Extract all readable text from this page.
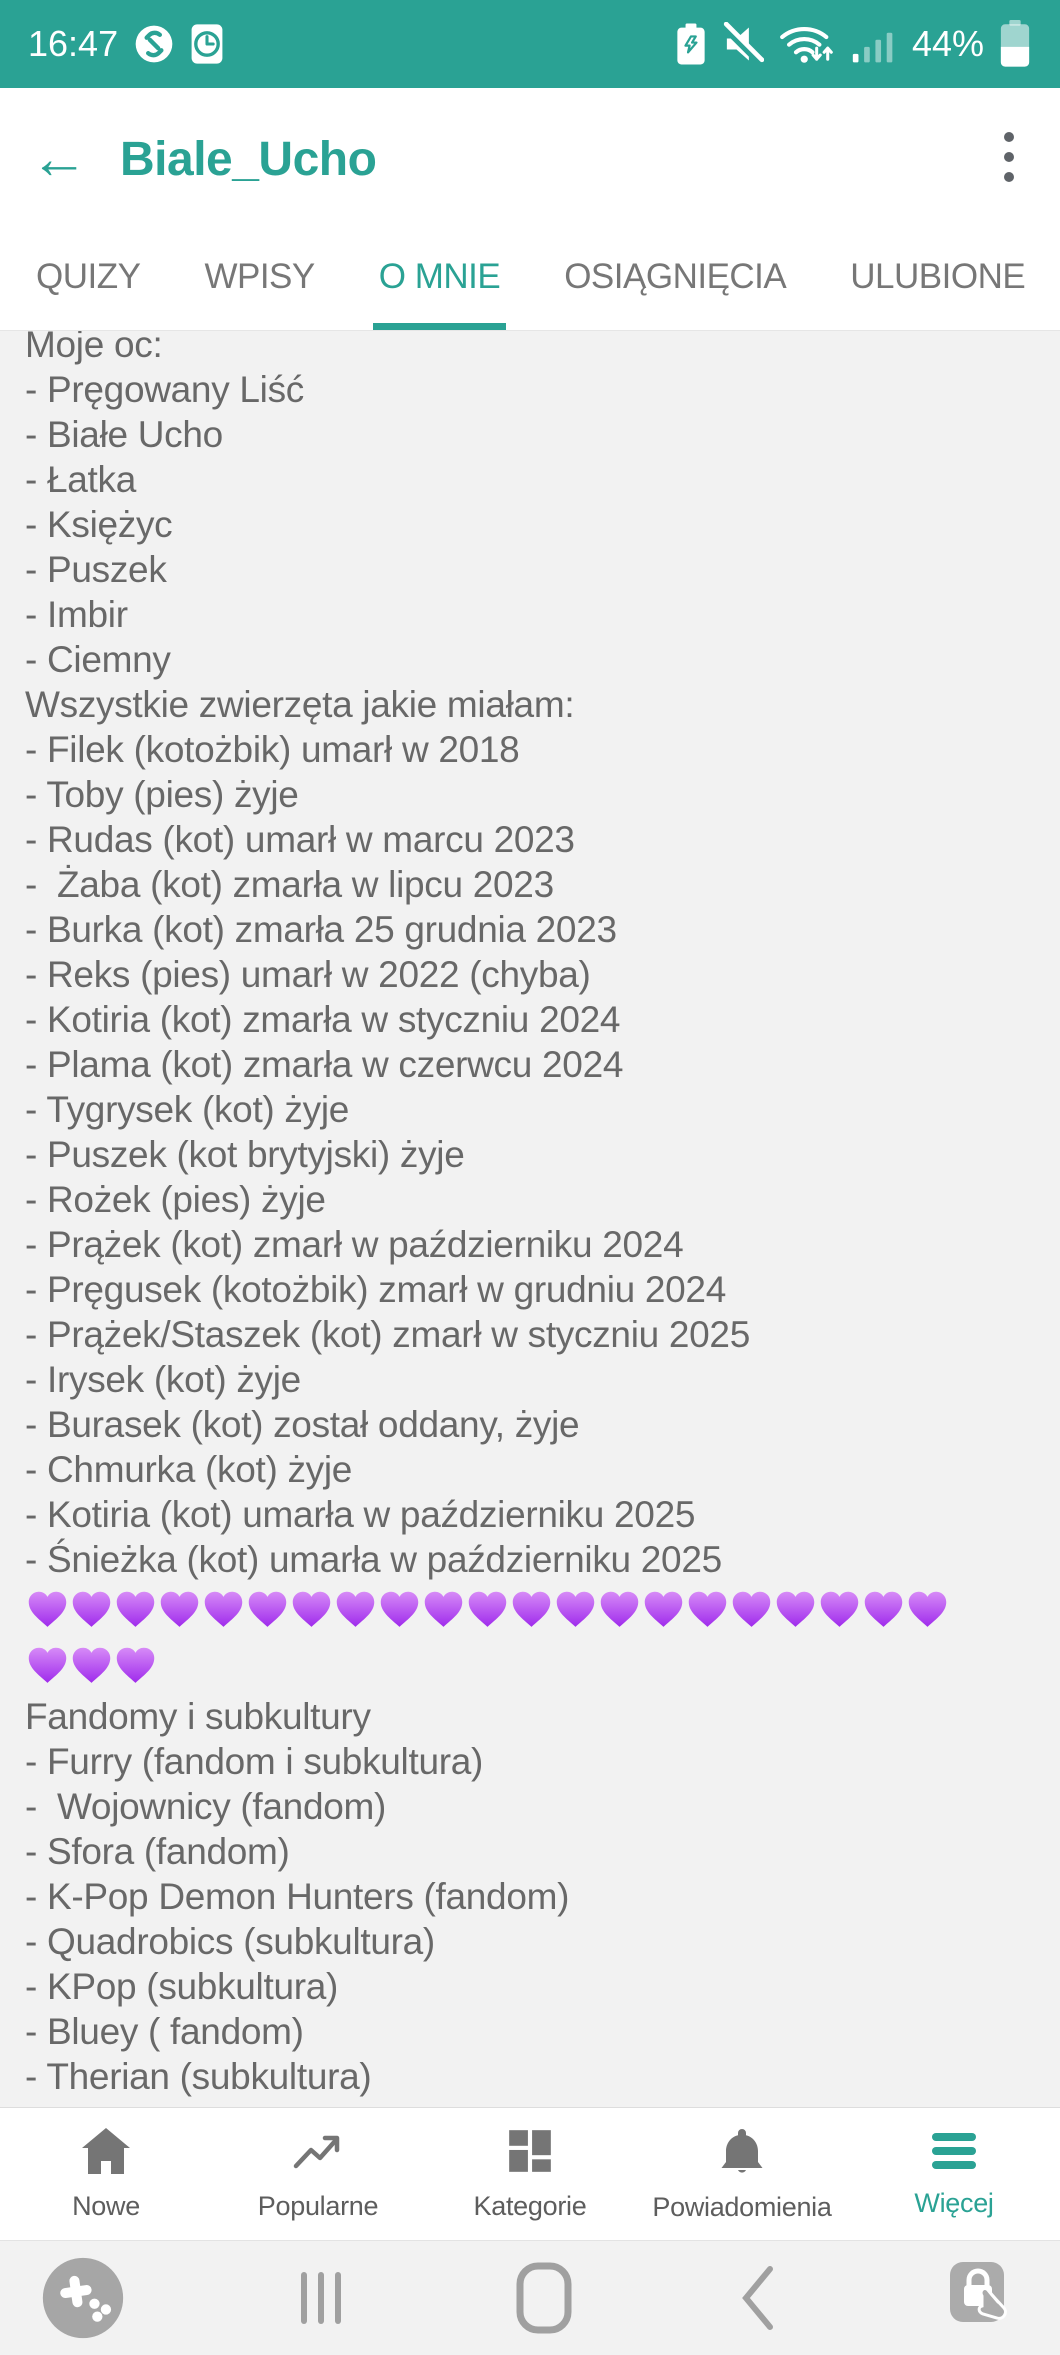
16:47	44%
← Biale_Ucho
QUIZY WPISY O MNIE OSIĄGNIĘCIA ULUBIONE
Moje oc:
- Pręgowany Liść
- Białe Ucho
- Łatka
- Księżyc
- Puszek
- Imbir
- Ciemny
Wszystkie zwierzęta jakie miałam:
- Filek (kotożbik) umarł w 2018
- Toby (pies) żyje
- Rudas (kot) umarł w marcu 2023
-  Żaba (kot) zmarła w lipcu 2023
- Burka (kot) zmarła 25 grudnia 2023
- Reks (pies) umarł w 2022 (chyba)
- Kotiria (kot) zmarła w styczniu 2024
- Plama (kot) zmarła w czerwcu 2024
- Tygrysek (kot) żyje
- Puszek (kot brytyjski) żyje
- Rożek (pies) żyje
- Prążek (kot) zmarł w październiku 2024
- Pręgusek (kotożbik) zmarł w grudniu 2024
- Prążek/Staszek (kot) zmarł w styczniu 2025
- Irysek (kot) żyje
- Burasek (kot) został oddany, żyje
- Chmurka (kot) żyje
- Kotiria (kot) umarła w październiku 2025
- Śnieżka (kot) umarła w październiku 2025
Fandomy i subkultury
- Furry (fandom i subkultura)
-  Wojownicy (fandom)
- Sfora (fandom)
- K-Pop Demon Hunters (fandom)
- Quadrobics (subkultura)
- KPop (subkultura)
- Bluey ( fandom)
- Therian (subkultura)
Nowe	Popularne	Kategorie Powiadomienia	Więcej
